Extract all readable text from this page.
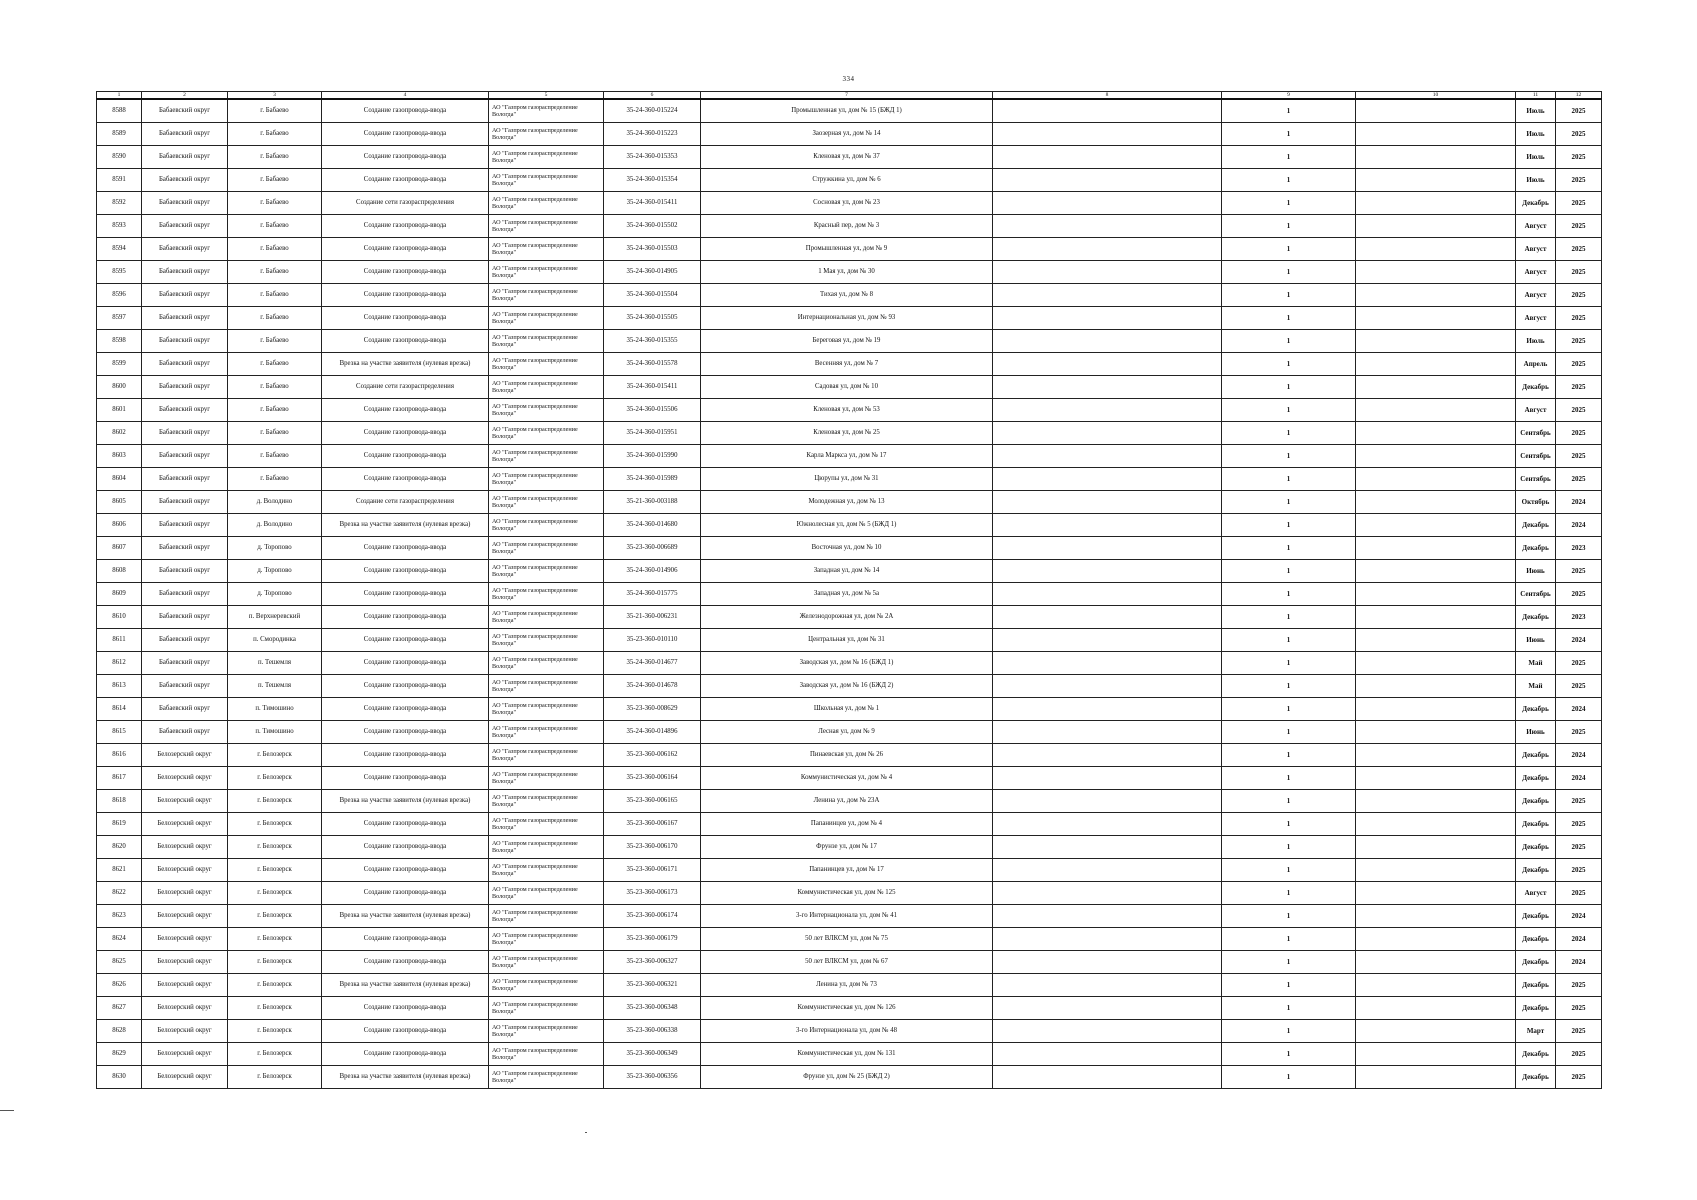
334
1	2	3	4	5	6	7	8	9	10	11	12
8588	Бабаевский округ	г. Бабаево	Создание газопровода-ввода	АО "Газпром газораспределение Вологда"	35-24-360-015224	Промышленная ул, дом № 15 (БЖД 1)		1		Июль	2025
8589	Бабаевский округ	г. Бабаево	Создание газопровода-ввода	АО "Газпром газораспределение Вологда"	35-24-360-015223	Заозерная ул, дом № 14		1		Июль	2025
8590	Бабаевский округ	г. Бабаево	Создание газопровода-ввода	АО "Газпром газораспределение Вологда"	35-24-360-015353	Кленовая ул, дом № 37		1		Июль	2025
8591	Бабаевский округ	г. Бабаево	Создание газопровода-ввода	АО "Газпром газораспределение Вологда"	35-24-360-015354	Стружкина ул, дом № 6		1		Июль	2025
8592	Бабаевский округ	г. Бабаево	Создание сети газораспределения	АО "Газпром газораспределение Вологда"	35-24-360-015411	Сосновая ул, дом № 23		1		Декабрь	2025
8593	Бабаевский округ	г. Бабаево	Создание газопровода-ввода	АО "Газпром газораспределение Вологда"	35-24-360-015502	Красный пер, дом № 3		1		Август	2025
8594	Бабаевский округ	г. Бабаево	Создание газопровода-ввода	АО "Газпром газораспределение Вологда"	35-24-360-015503	Промышленная ул, дом № 9		1		Август	2025
8595	Бабаевский округ	г. Бабаево	Создание газопровода-ввода	АО "Газпром газораспределение Вологда"	35-24-360-014905	1 Мая ул, дом № 30		1		Август	2025
8596	Бабаевский округ	г. Бабаево	Создание газопровода-ввода	АО "Газпром газораспределение Вологда"	35-24-360-015504	Тихая ул, дом № 8		1		Август	2025
8597	Бабаевский округ	г. Бабаево	Создание газопровода-ввода	АО "Газпром газораспределение Вологда"	35-24-360-015505	Интернациональная ул, дом № 93		1		Август	2025
8598	Бабаевский округ	г. Бабаево	Создание газопровода-ввода	АО "Газпром газораспределение Вологда"	35-24-360-015355	Береговая ул, дом № 19		1		Июль	2025
8599	Бабаевский округ	г. Бабаево	Врезка на участке заявителя (нулевая врезка)	АО "Газпром газораспределение Вологда"	35-24-360-015578	Весенняя ул, дом № 7		1		Апрель	2025
8600	Бабаевский округ	г. Бабаево	Создание сети газораспределения	АО "Газпром газораспределение Вологда"	35-24-360-015411	Садовая ул, дом № 10		1		Декабрь	2025
8601	Бабаевский округ	г. Бабаево	Создание газопровода-ввода	АО "Газпром газораспределение Вологда"	35-24-360-015506	Кленовая ул, дом № 53		1		Август	2025
8602	Бабаевский округ	г. Бабаево	Создание газопровода-ввода	АО "Газпром газораспределение Вологда"	35-24-360-015951	Кленовая ул, дом № 25		1		Сентябрь	2025
8603	Бабаевский округ	г. Бабаево	Создание газопровода-ввода	АО "Газпром газораспределение Вологда"	35-24-360-015990	Карла Маркса ул, дом № 17		1		Сентябрь	2025
8604	Бабаевский округ	г. Бабаево	Создание газопровода-ввода	АО "Газпром газораспределение Вологда"	35-24-360-015989	Цюрупы ул, дом № 31		1		Сентябрь	2025
8605	Бабаевский округ	д. Володино	Создание сети газораспределения	АО "Газпром газораспределение Вологда"	35-21-360-003188	Молодежная ул, дом № 13		1		Октябрь	2024
8606	Бабаевский округ	д. Володино	Врезка на участке заявителя (нулевая врезка)	АО "Газпром газораспределение Вологда"	35-24-360-014680	Южнолесная ул, дом № 5 (БЖД 1)		1		Декабрь	2024
8607	Бабаевский округ	д. Торопово	Создание газопровода-ввода	АО "Газпром газораспределение Вологда"	35-23-360-006689	Восточная ул, дом № 10		1		Декабрь	2023
8608	Бабаевский округ	д. Торопово	Создание газопровода-ввода	АО "Газпром газораспределение Вологда"	35-24-360-014906	Западная ул, дом № 14		1		Июнь	2025
8609	Бабаевский округ	д. Торопово	Создание газопровода-ввода	АО "Газпром газораспределение Вологда"	35-24-360-015775	Западная ул, дом № 5а		1		Сентябрь	2025
8610	Бабаевский округ	п. Верхнеревский	Создание газопровода-ввода	АО "Газпром газораспределение Вологда"	35-21-360-006231	Железнодорожная ул, дом № 2А		1		Декабрь	2023
8611	Бабаевский округ	п. Смородинка	Создание газопровода-ввода	АО "Газпром газораспределение Вологда"	35-23-360-010110	Центральная ул, дом № 31		1		Июнь	2024
8612	Бабаевский округ	п. Тешемля	Создание газопровода-ввода	АО "Газпром газораспределение Вологда"	35-24-360-014677	Заводская ул, дом № 16 (БЖД 1)		1		Май	2025
8613	Бабаевский округ	п. Тешемля	Создание газопровода-ввода	АО "Газпром газораспределение Вологда"	35-24-360-014678	Заводская ул, дом № 16 (БЖД 2)		1		Май	2025
8614	Бабаевский округ	п. Тимошино	Создание газопровода-ввода	АО "Газпром газораспределение Вологда"	35-23-360-008629	Школьная ул, дом № 1		1		Декабрь	2024
8615	Бабаевский округ	п. Тимошино	Создание газопровода-ввода	АО "Газпром газораспределение Вологда"	35-24-360-014896	Лесная ул, дом № 9		1		Июнь	2025
8616	Белозерский округ	г. Белозерск	Создание газопровода-ввода	АО "Газпром газораспределение Вологда"	35-23-360-006162	Пинаевская ул, дом № 26		1		Декабрь	2024
8617	Белозерский округ	г. Белозерск	Создание газопровода-ввода	АО "Газпром газораспределение Вологда"	35-23-360-006164	Коммунистическая ул, дом № 4		1		Декабрь	2024
8618	Белозерский округ	г. Белозерск	Врезка на участке заявителя (нулевая врезка)	АО "Газпром газораспределение Вологда"	35-23-360-006165	Ленина ул, дом № 23А		1		Декабрь	2025
8619	Белозерский округ	г. Белозерск	Создание газопровода-ввода	АО "Газпром газораспределение Вологда"	35-23-360-006167	Папанинцев ул, дом № 4		1		Декабрь	2025
8620	Белозерский округ	г. Белозерск	Создание газопровода-ввода	АО "Газпром газораспределение Вологда"	35-23-360-006170	Фрунзе ул, дом № 17		1		Декабрь	2025
8621	Белозерский округ	г. Белозерск	Создание газопровода-ввода	АО "Газпром газораспределение Вологда"	35-23-360-006171	Папанинцев ул, дом № 17		1		Декабрь	2025
8622	Белозерский округ	г. Белозерск	Создание газопровода-ввода	АО "Газпром газораспределение Вологда"	35-23-360-006173	Коммунистическая ул, дом № 125		1		Август	2025
8623	Белозерский округ	г. Белозерск	Врезка на участке заявителя (нулевая врезка)	АО "Газпром газораспределение Вологда"	35-23-360-006174	3-го Интернационала ул, дом № 41		1		Декабрь	2024
8624	Белозерский округ	г. Белозерск	Создание газопровода-ввода	АО "Газпром газораспределение Вологда"	35-23-360-006179	50 лет ВЛКСМ ул, дом № 75		1		Декабрь	2024
8625	Белозерский округ	г. Белозерск	Создание газопровода-ввода	АО "Газпром газораспределение Вологда"	35-23-360-006327	50 лет ВЛКСМ ул, дом № 67		1		Декабрь	2024
8626	Белозерский округ	г. Белозерск	Врезка на участке заявителя (нулевая врезка)	АО "Газпром газораспределение Вологда"	35-23-360-006321	Ленина ул, дом № 73		1		Декабрь	2025
8627	Белозерский округ	г. Белозерск	Создание газопровода-ввода	АО "Газпром газораспределение Вологда"	35-23-360-006348	Коммунистическая ул, дом № 126		1		Декабрь	2025
8628	Белозерский округ	г. Белозерск	Создание газопровода-ввода	АО "Газпром газораспределение Вологда"	35-23-360-006338	3-го Интернационала ул, дом № 48		1		Март	2025
8629	Белозерский округ	г. Белозерск	Создание газопровода-ввода	АО "Газпром газораспределение Вологда"	35-23-360-006349	Коммунистическая ул, дом № 131		1		Декабрь	2025
8630	Белозерский округ	г. Белозерск	Врезка на участке заявителя (нулевая врезка)	АО "Газпром газораспределение Вологда"	35-23-360-006356	Фрунзе ул, дом № 25 (БЖД 2)		1		Декабрь	2025
